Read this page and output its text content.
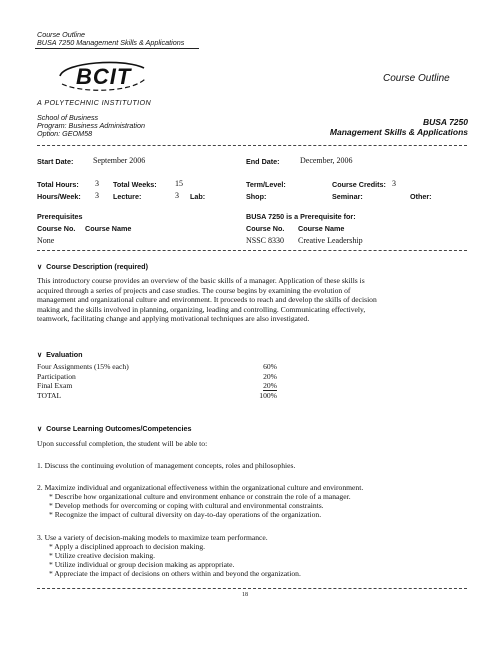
Course Outline
BUSA 7250 Management Skills & Applications
BCIT
A POLYTECHNIC INSTITUTION
Course Outline
School of Business
Program: Business Administration
Option: GEOM58
BUSA 7250
Management Skills & Applications
Start Date: September 2006	End Date:	December, 2006
Total Hours: 3 Total Weeks: 15	Term/Level:	Course Credits: 3
Hours/Week: 3 Lecture:	3 Lab:	Shop:	Seminar:	Other:
Prerequisites
Course No. Course Name
None
BUSA 7250 is a Prerequisite for:
Course No. Course Name
NSSC 8330 Creative Leadership
∨ Course Description (required)
This introductory course provides an overview of the basic skills of a manager. Application of these skills is
acquired through a series of projects and case studies. The course begins by examining the evolution of
management and organizational culture and environment. It proceeds to reach and develop the skills of decision
making and the skills involved in planning, organizing, leading and controlling. Communicating effectively,
teamwork, facilitating change and applying motivational techniques are also investigated.
∨ Evaluation
Four Assignments (15% each)	60%
Participation	20%
Final Exam	20%
TOTAL	100%
∨ Course Learning Outcomes/Competencies
Upon successful completion, the student will be able to:
1. Discuss the continuing evolution of management concepts, roles and philosophies.
2. Maximize individual and organizational effectiveness within the organizational culture and environment.
* Describe how organizational culture and environment enhance or constrain the role of a manager.
* Develop methods for overcoming or coping with cultural and environmental constraints.
* Recognize the impact of cultural diversity on day-to-day operations of the organization.
3. Use a variety of decision-making models to maximize team performance.
* Apply a disciplined approach to decision making.
* Utilize creative decision making.
* Utilize individual or group decision making as appropriate.
* Appreciate the impact of decisions on others within and beyond the organization.
18
